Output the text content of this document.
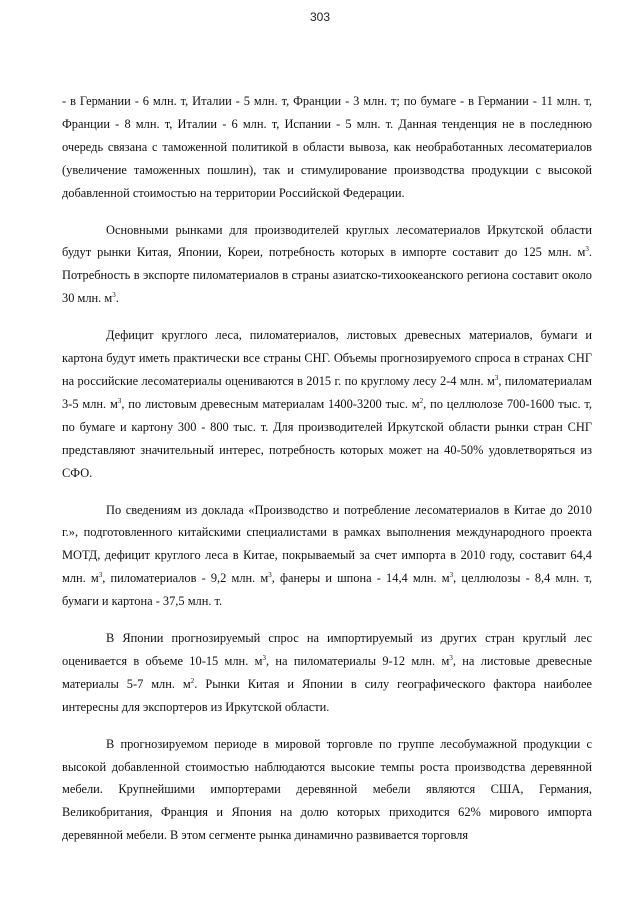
303

- в Германии - 6 млн. т, Италии - 5 млн. т, Франции - 3 млн. т; по бумаге - в Германии - 11 млн. т, Франции - 8 млн. т, Италии - 6 млн. т, Испании - 5 млн. т. Данная тенденция не в последнюю очередь связана с таможенной политикой в области вывоза, как необработанных лесоматериалов (увеличение таможенных пошлин), так и стимулирование производства продукции с высокой добавленной стоимостью на территории Российской Федерации.

Основными рынками для производителей круглых лесоматериалов Иркутской области будут рынки Китая, Японии, Кореи, потребность которых в импорте составит до 125 млн. $м^3$. Потребность в экспорте пиломатериалов в страны азиатско-тихоокеанского региона составит около 30 млн. $м^3$.

Дефицит круглого леса, пиломатериалов, листовых древесных материалов, бумаги и картона будут иметь практически все страны СНГ. Объемы прогнозируемого спроса в странах СНГ на российские лесоматериалы оцениваются в 2015 г. по круглому лесу 2-4 млн. $м^3$, пиломатериалам 3-5 млн. $м^3$, по листовым древесным материалам 1400-3200 тыс. $м^2$, по целлюлозе 700-1600 тыс. т, по бумаге и картону 300 - 800 тыс. т. Для производителей Иркутской области рынки стран СНГ представляют значительный интерес, потребность которых может на 40-50% удовлетворяться из СФО.

По сведениям из доклада «Производство и потребление лесоматериалов в Китае до 2010 г.», подготовленного китайскими специалистами в рамках выполнения международного проекта МОТД, дефицит круглого леса в Китае, покрываемый за счет импорта в 2010 году, составит 64,4 млн. $м^3$, пиломатериалов - 9,2 млн. $м^3$, фанеры и шпона - 14,4 млн. $м^3$, целлюлозы - 8,4 млн. т, бумаги и картона - 37,5 млн. т.

В Японии прогнозируемый спрос на импортируемый из других стран круглый лес оценивается в объеме 10-15 млн. $м^3$, на пиломатериалы 9-12 млн. $м^3$, на листовые древесные материалы 5-7 млн. $м^2$. Рынки Китая и Японии в силу географического фактора наиболее интересны для экспортеров из Иркутской области.

В прогнозируемом периоде в мировой торговле по группе лесобумажной продукции с высокой добавленной стоимостью наблюдаются высокие темпы роста производства деревянной мебели. Крупнейшими импортерами деревянной мебели являются США, Германия, Великобритания, Франция и Япония на долю которых приходится 62% мирового импорта деревянной мебели. В этом сегменте рынка динамично развивается торговля
